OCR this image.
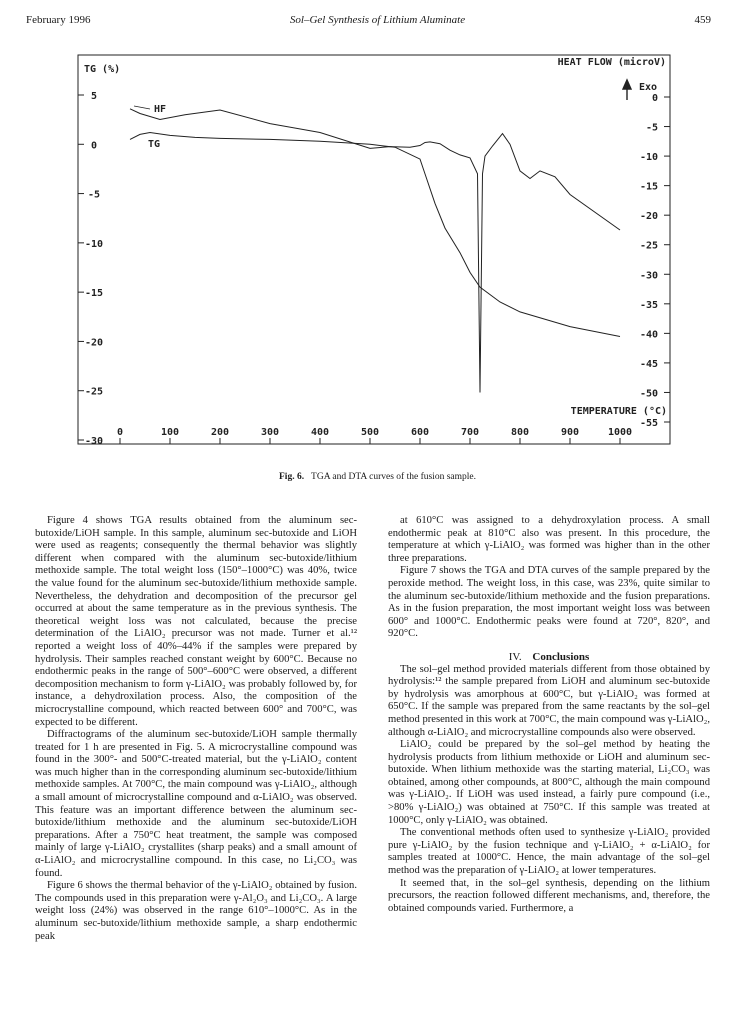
February 1996	Sol–Gel Synthesis of Lithium Aluminate	459
5
0
-5
-10
-15
-20
-25
-30
0
-5
-10
-15
-20
-25
-30
-35
-40
-45
-50
-55
0	100	200	300	400	500	600	700	800	900	1000
TG (%)
HEAT FLOW (microV)
Exo
TEMPERATURE (°C)
HF
TG
Fig. 6. TGA and DTA curves of the fusion sample.

Figure 4 shows TGA results obtained from the aluminum sec-butoxide/LiOH sample. In this sample, aluminum sec-butoxide and LiOH were used as reagents; consequently the thermal behavior was slightly different when compared with the aluminum sec-butoxide/lithium methoxide sample. The total weight loss (150°–1000°C) was 40%, twice the value found for the aluminum sec-butoxide/lithium methoxide sample. Nevertheless, the dehydration and decomposition of the precursor gel occurred at about the same temperature as in the previous synthesis. The theoretical weight loss was not calculated, because the precise determination of the LiAlO₂ precursor was not made. Turner et al.¹² reported a weight loss of 40%–44% if the samples were prepared by hydrolysis. Their samples reached constant weight by 600°C. Because no endothermic peaks in the range of 500°–600°C were observed, a different decomposition mechanism to form γ-LiAlO₂ was probably followed by, for instance, a dehydroxilation process. Also, the composition of the microcrystalline compound, which reacted between 600° and 700°C, was expected to be different.

Diffractograms of the aluminum sec-butoxide/LiOH sample thermally treated for 1 h are presented in Fig. 5. A microcrystalline compound was found in the 300°- and 500°C-treated material, but the γ-LiAlO₂ content was much higher than in the corresponding aluminum sec-butoxide/lithium methoxide samples. At 700°C, the main compound was γ-LiAlO₂, although a small amount of microcrystalline compound and α-LiAlO₂ was observed. This feature was an important difference between the aluminum sec-butoxide/lithium methoxide and the aluminum sec-butoxide/LiOH preparations. After a 750°C heat treatment, the sample was composed mainly of large γ-LiAlO₂ crystallites (sharp peaks) and a small amount of α-LiAlO₂ and microcrystalline compound. In this case, no Li₂CO₃ was found.

Figure 6 shows the thermal behavior of the γ-LiAlO₂ obtained by fusion. The compounds used in this preparation were γ-Al₂O₃ and Li₂CO₃. A large weight loss (24%) was observed in the range 610°–1000°C. As in the aluminum sec-butoxide/lithium methoxide sample, a sharp endothermic peak

at 610°C was assigned to a dehydroxylation process. A small endothermic peak at 810°C also was present. In this procedure, the temperature at which γ-LiAlO₂ was formed was higher than in the other three preparations.

Figure 7 shows the TGA and DTA curves of the sample prepared by the peroxide method. The weight loss, in this case, was 23%, quite similar to the aluminum sec-butoxide/lithium methoxide and the fusion preparations. As in the fusion preparation, the most important weight loss was between 600° and 1000°C. Endothermic peaks were found at 720°, 820°, and 920°C.

IV. Conclusions

The sol–gel method provided materials different from those obtained by hydrolysis:¹² the sample prepared from LiOH and aluminum sec-butoxide by hydrolysis was amorphous at 600°C, but γ-LiAlO₂ was formed at 650°C. If the sample was prepared from the same reactants by the sol–gel method presented in this work at 700°C, the main compound was γ-LiAlO₂, although α-LiAlO₂ and microcrystalline compounds also were observed.

LiAlO₂ could be prepared by the sol–gel method by heating the hydrolysis products from lithium methoxide or LiOH and aluminum sec-butoxide. When lithium methoxide was the starting material, Li₂CO₃ was obtained, among other compounds, at 800°C, although the main compound was γ-LiAlO₂. If LiOH was used instead, a fairly pure compound (i.e., >80% γ-LiAlO₂) was obtained at 750°C. If this sample was treated at 1000°C, only γ-LiAlO₂ was obtained.

The conventional methods often used to synthesize γ-LiAlO₂ provided pure γ-LiAlO₂ by the fusion technique and γ-LiAlO₂ + α-LiAlO₂ for samples treated at 1000°C. Hence, the main advantage of the sol–gel method was the preparation of γ-LiAlO₂ at lower temperatures.

It seemed that, in the sol–gel synthesis, depending on the lithium precursors, the reaction followed different mechanisms, and, therefore, the obtained compounds varied. Furthermore, a
